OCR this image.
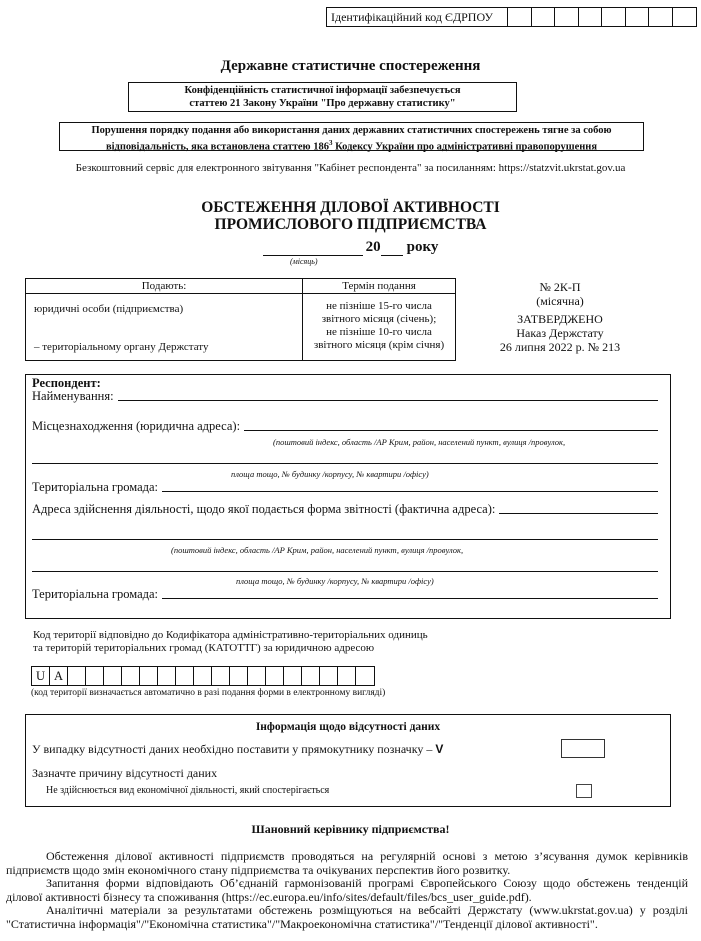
Ідентифікаційний код ЄДРПОУ
Державне статистичне спостереження
Конфіденційність статистичної інформації забезпечується
статтею 21 Закону України "Про державну статистику"
Порушення порядку подання або використання даних державних статистичних спостережень тягне за собою
відповідальність, яка встановлена статтею $186^3$ Кодексу України про адміністративні правопорушення
Безкоштовний сервіс для електронного звітування "Кабінет респондента" за посиланням: https://statzvit.ukrstat.gov.ua
ОБСТЕЖЕННЯ ДІЛОВОЇ АКТИВНОСТІ
ПРОМИСЛОВОГО ПІДПРИЄМСТВА
20 року
(місяць)
Подають:	Термін подання
юридичні особи (підприємства)
– територіальному органу Держстату
не пізніше 15-го числа
звітного місяця (січень);
не пізніше 10-го числа
звітного місяця (крім січня)
№ 2К-П
(місячна)
ЗАТВЕРДЖЕНО
Наказ Держстату
26 липня 2022 р. № 213
Респондент:
Найменування:
Місцезнаходження (юридична адреса):
(поштовий індекс, область /АР Крим, район, населений пункт, вулиця /провулок,
площа тощо, № будинку /корпусу, № квартири /офісу)
Територіальна громада:
Адреса здійснення діяльності, щодо якої подається форма звітності (фактична адреса):
(поштовий індекс, область /АР Крим, район, населений пункт, вулиця /провулок,
площа тощо, № будинку /корпусу, № квартири /офісу)
Територіальна громада:
Код території відповідно до Кодифікатора адміністративно-територіальних одиниць
та територій територіальних громад (КАТОТТГ) за юридичною адресою
U A
(код території визначається автоматично в разі подання форми в електронному вигляді)
Інформація щодо відсутності даних
У випадку відсутності даних необхідно поставити у прямокутнику позначку – V
Зазначте причину відсутності даних
Не здійснюється вид економічної діяльності, який спостерігається
Шановний керівнику підприємства!

Обстеження ділової активності підприємств проводяться на регулярній основі з метою з’ясування думок керівників підприємств щодо змін економічного стану підприємства та очікуваних перспектив його розвитку.

Запитання форми відповідають Об’єднаній гармонізованій програмі Європейського Союзу щодо обстежень тенденцій ділової активності бізнесу та споживання (https://ec.europa.eu/info/sites/default/files/bcs_user_guide.pdf).

Аналітичні матеріали за результатами обстежень розміщуються на вебсайті Держстату (www.ukrstat.gov.ua) у розділі "Статистична інформація"/"Економічна статистика"/"Макроекономічна статистика"/"Тенденції ділової активності".
